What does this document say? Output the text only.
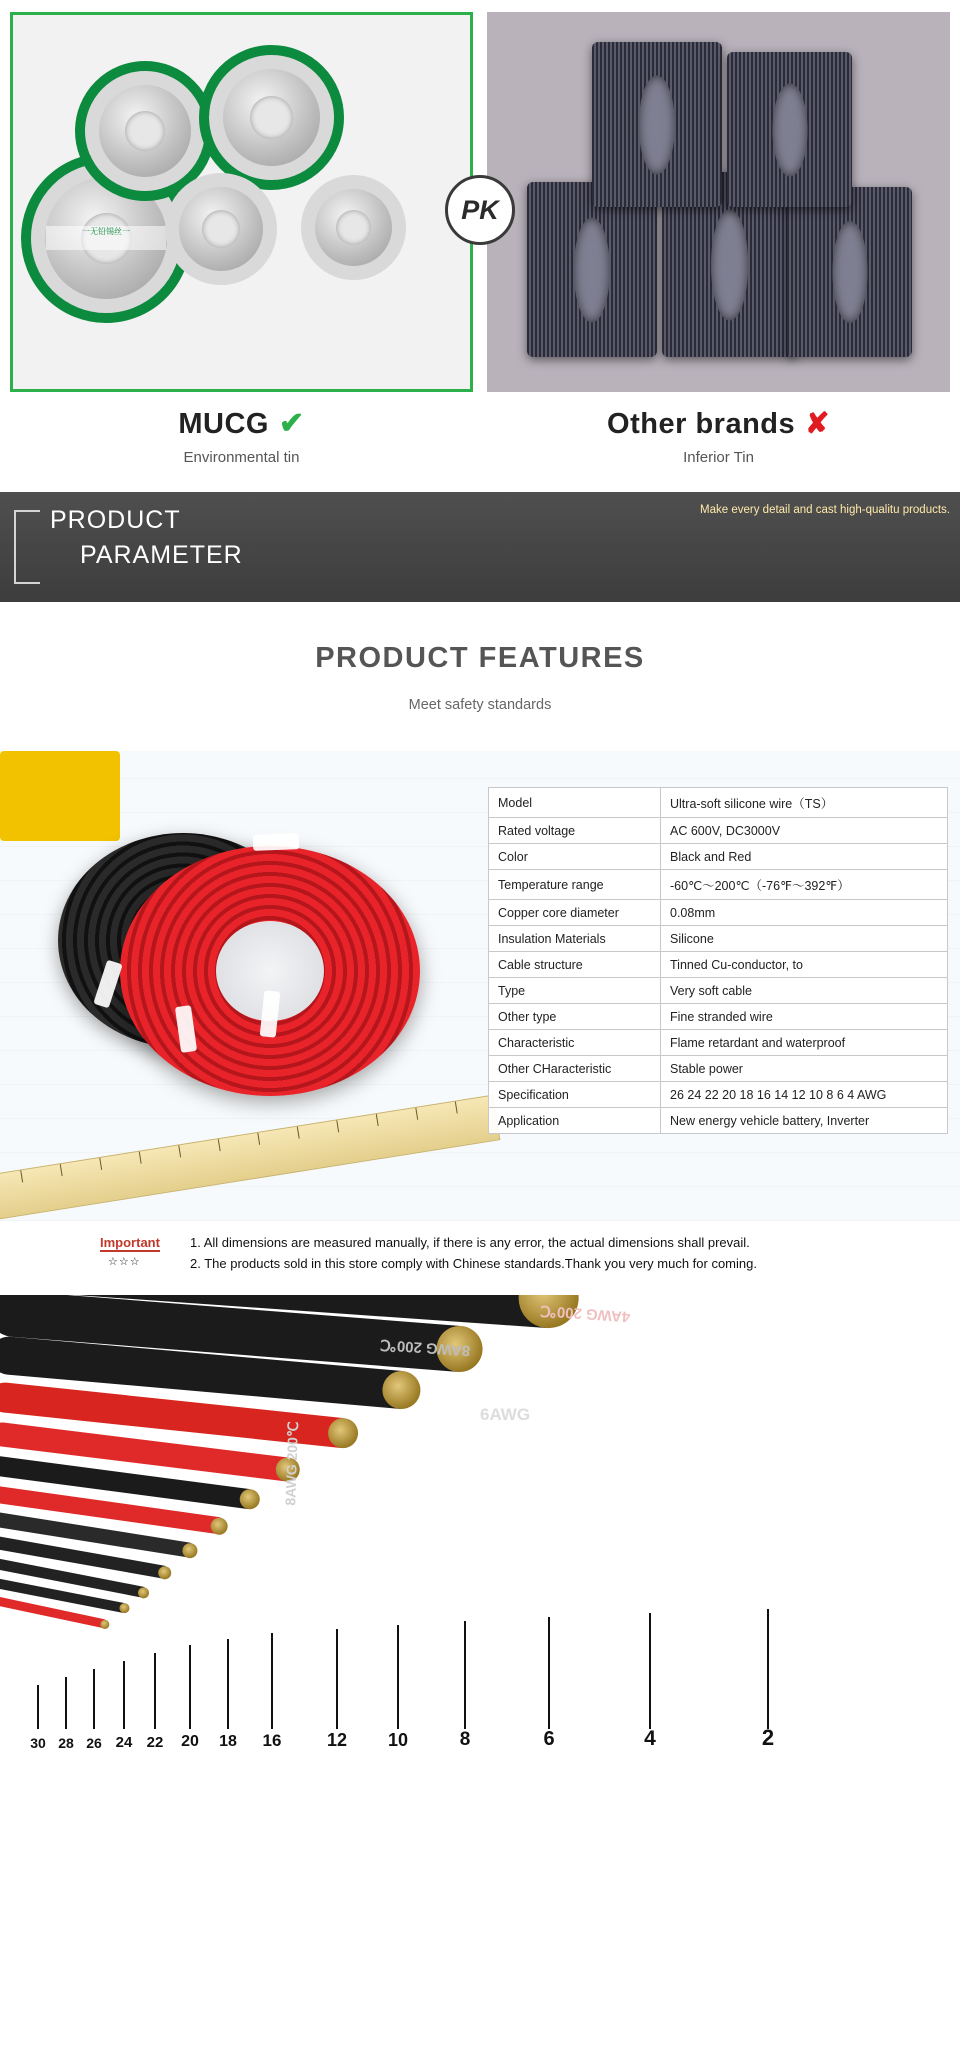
一无铅锡丝一
MUCG ✔
Environmental tin
Other brands ✘
Inferior Tin
PK
PRODUCT
PARAMETER
Make every detail and cast high-qualitu products.
PRODUCT FEATURES

Meet safety standards

Model	Ultra-soft silicone wire（TS）
Rated voltage	AC 600V, DC3000V
Color	Black and Red
Temperature range	-60℃～200℃（-76℉～392℉）
Copper core diameter	0.08mm
Insulation Materials	Silicone
Cable structure	Tinned Cu-conductor, to
Type	Very soft cable
Other type	Fine stranded wire
Characteristic	Flame retardant and waterproof
Other CHaracteristic	Stable power
Specification	26 24 22 20 18 16 14 12 10 8 6 4 AWG
Application	New energy vehicle battery, Inverter
Important
☆☆☆
1. All dimensions are measured manually, if there is any error, the actual dimensions shall prevail.
2. The products sold in this store comply with Chinese standards.Thank you very much for coming.
8AWG 200℃
6AWG
8AWG 200℃
4AWG 200℃
30 28 26 24 22 20 18 16	12 10	8	6	4	2
